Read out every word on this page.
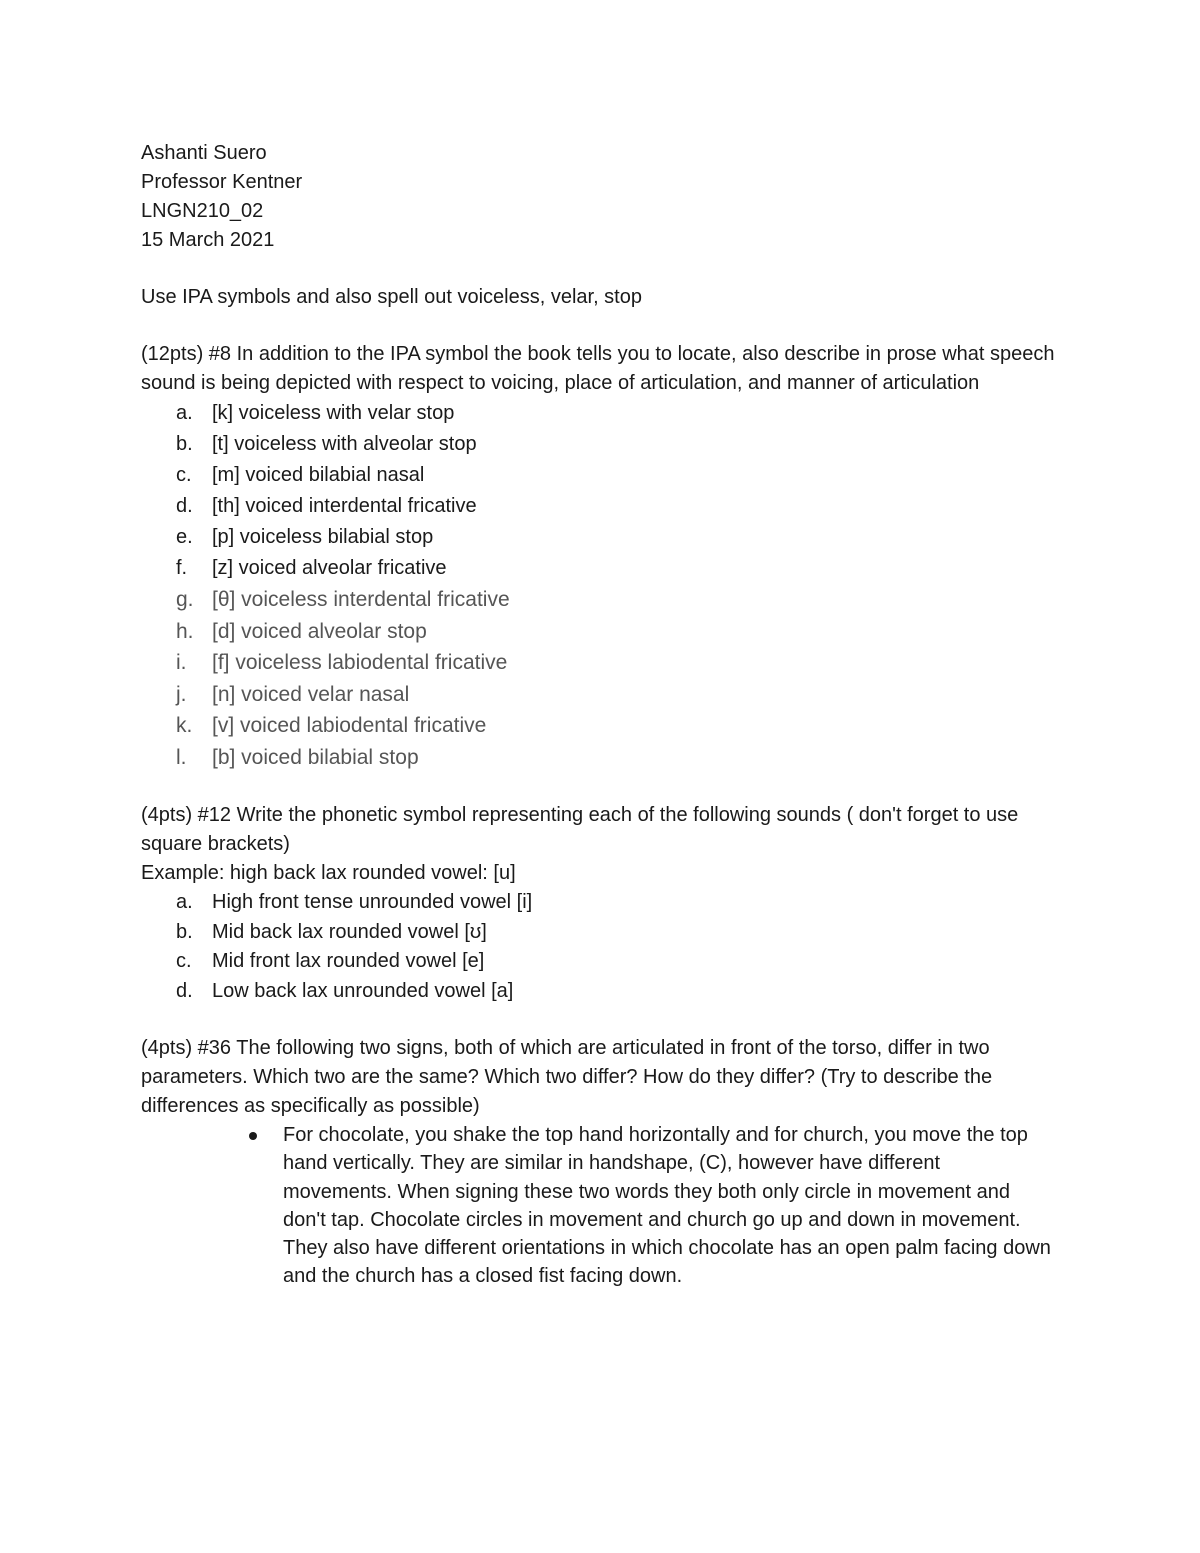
Ashanti Suero

Professor Kentner

LNGN210_02

15 March 2021

Use IPA symbols and also spell out voiceless, velar, stop

(12pts) #8 In addition to the IPA symbol the book tells you to locate, also describe in prose what speech sound is being depicted with respect to voicing, place of articulation, and manner of articulation

a. [k] voiceless with velar stop
b. [t] voiceless with alveolar stop
c. [m] voiced bilabial nasal
d. [th] voiced interdental fricative
e. [p] voiceless bilabial stop
f. [z] voiced alveolar fricative
g. [θ] voiceless interdental fricative
h. [d] voiced alveolar stop
i. [f] voiceless labiodental fricative
j. [n] voiced velar nasal
k. [v] voiced labiodental fricative
l. [b] voiced bilabial stop

(4pts) #12 Write the phonetic symbol representing each of the following sounds ( don't forget to use square brackets)

Example: high back lax rounded vowel: [u]

a. High front tense unrounded vowel [i]
b. Mid back lax rounded vowel [ʊ]
c. Mid front lax rounded vowel [e]
d. Low back lax unrounded vowel [a]

(4pts) #36 The following two signs, both of which are articulated in front of the torso, differ in two parameters. Which two are the same? Which two differ? How do they differ? (Try to describe the differences as specifically as possible)

For chocolate, you shake the top hand horizontally and for church, you move the top hand vertically. They are similar in handshape, (C), however have different movements. When signing these two words they both only circle in movement and don't tap. Chocolate circles in movement and church go up and down in movement. They also have different orientations in which chocolate has an open palm facing down and the church has a closed fist facing down.
